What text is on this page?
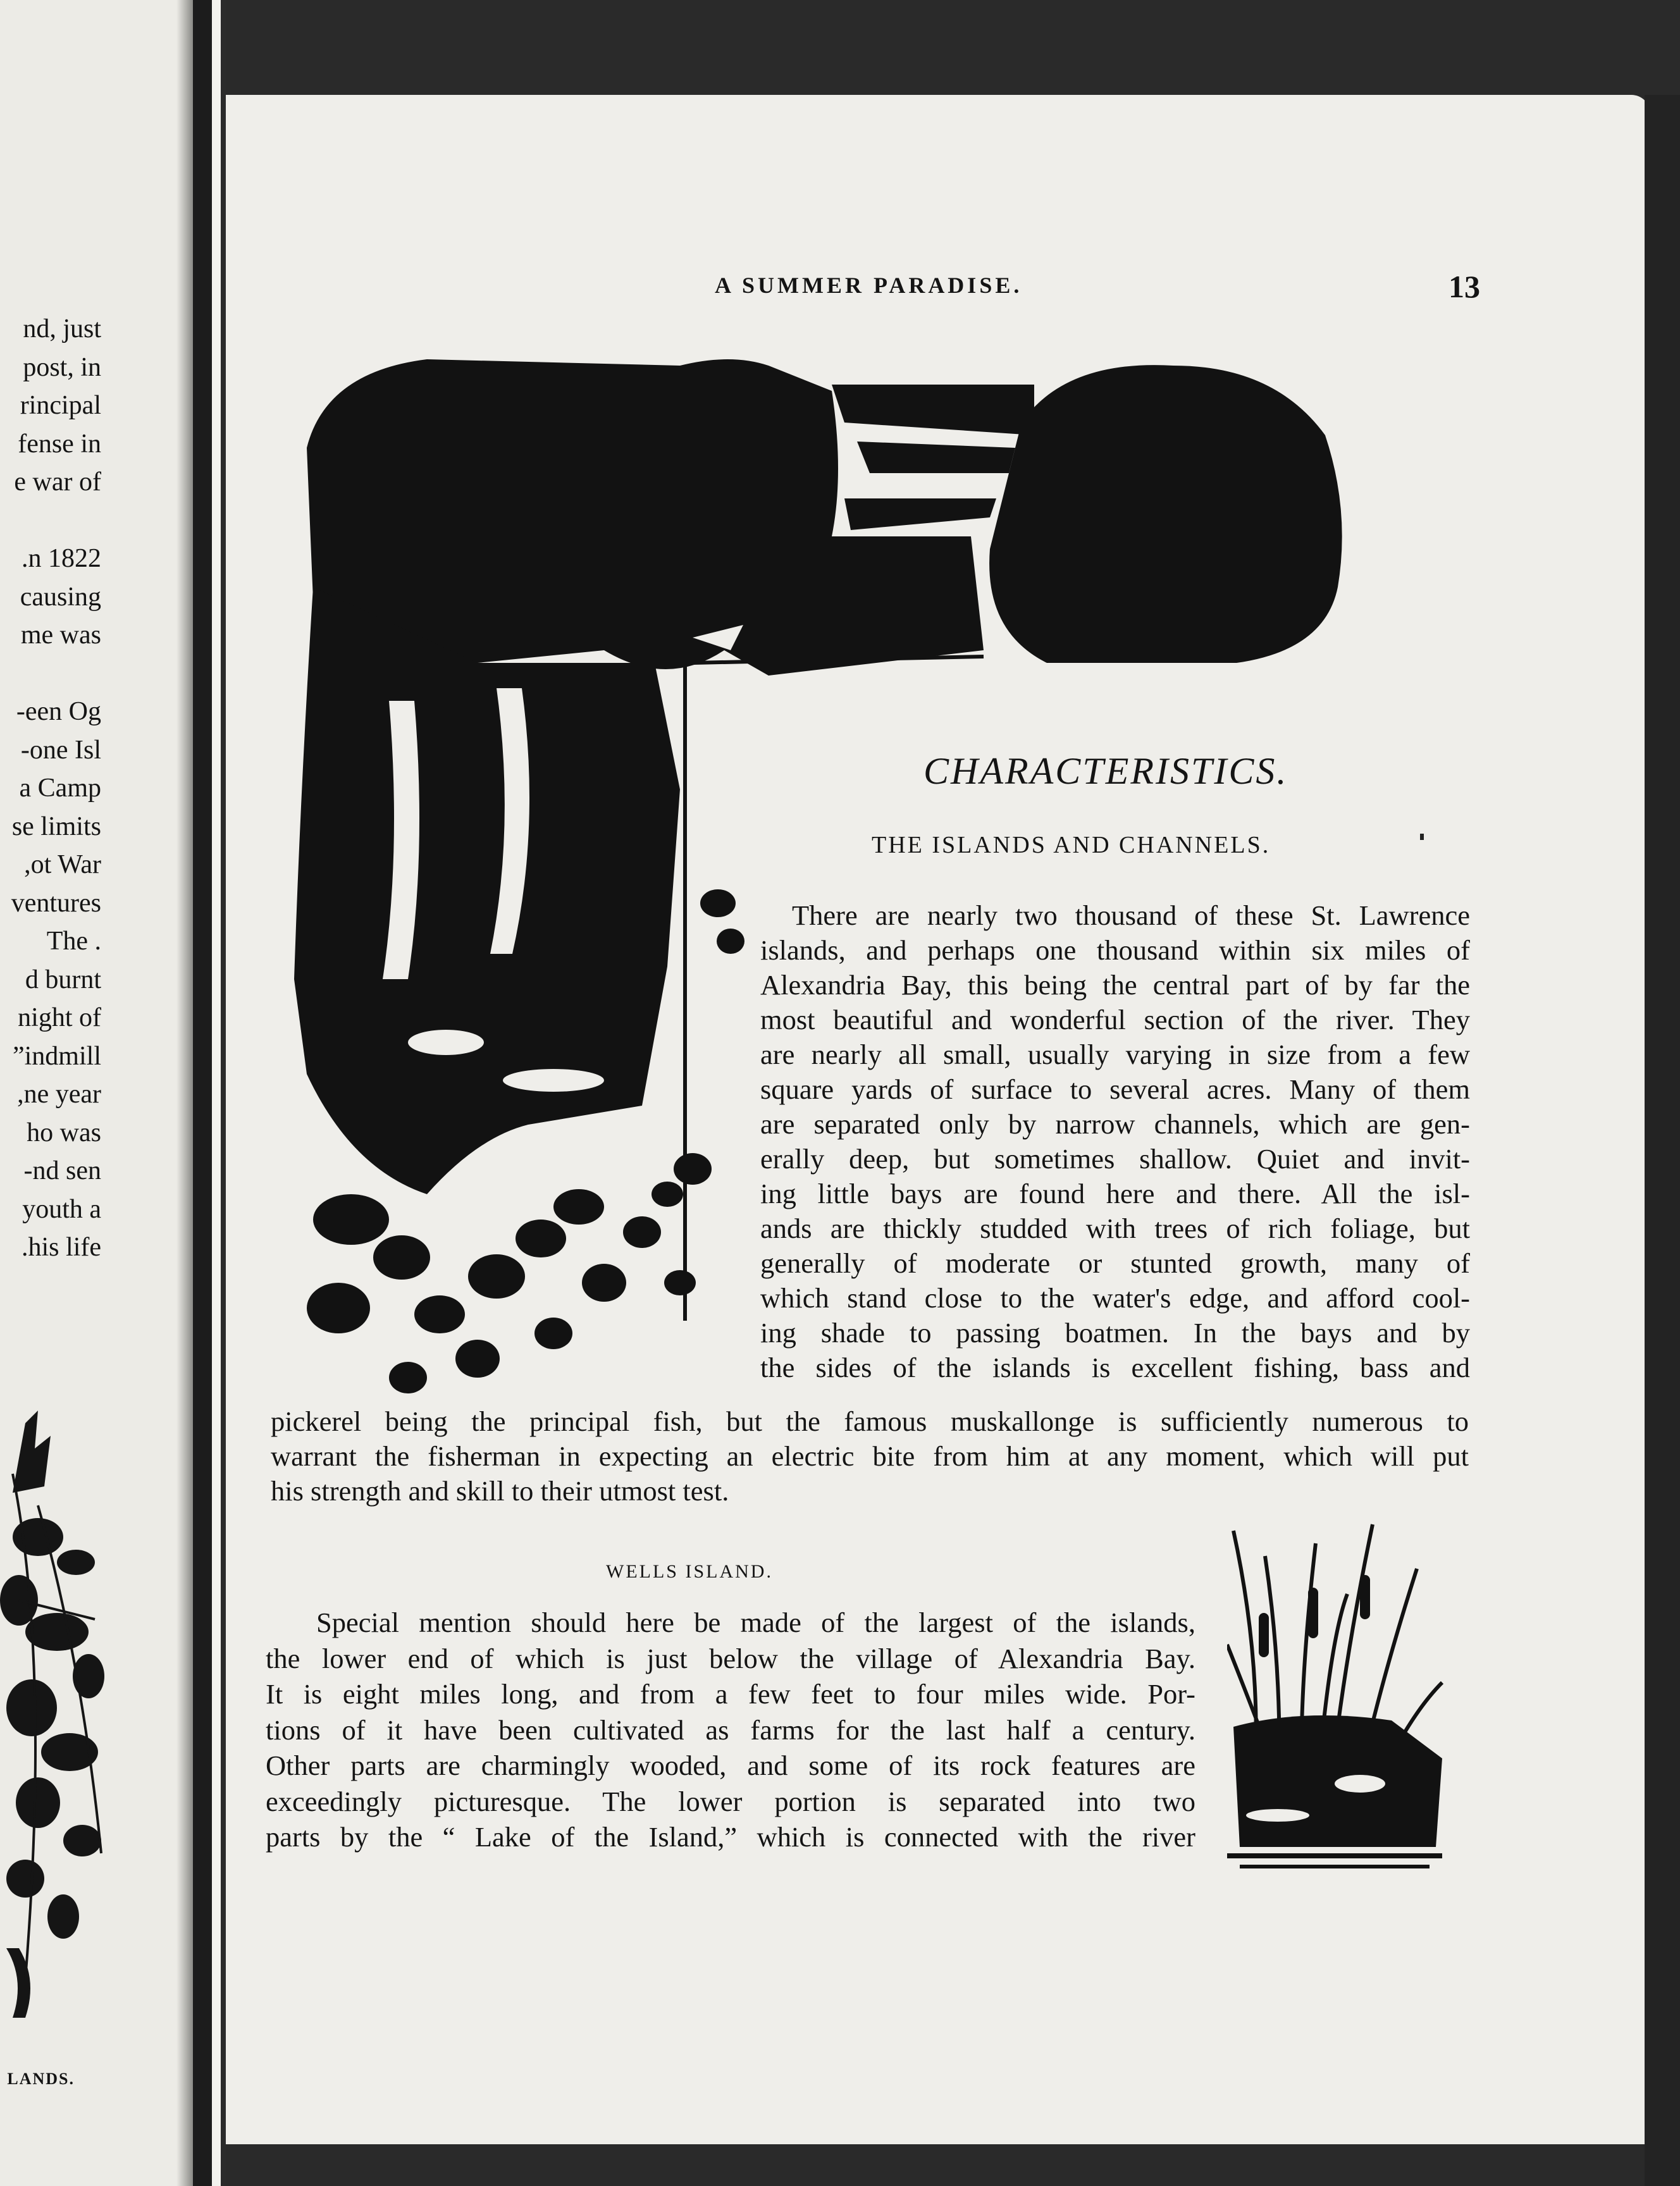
nd, just
post, in
rincipal
fense in
e war of

n 1822.
causing
me was

een Og-
one Isl-
a Camp
se limits
ot War,
ventures
. The
d burnt
night of
indmill”
ne year,
ho was
nd sen-
youth a
his life.
LANDS.
A SUMMER PARADISE.	13
CHARACTERISTICS.
THE ISLANDS AND CHANNELS.
There are nearly two thousand of these St. Lawrence
islands, and perhaps one thousand within six miles of
Alexandria Bay, this being the central part of by far the
most beautiful and wonderful section of the river. They
are nearly all small, usually varying in size from a few
square yards of surface to several acres. Many of them
are separated only by narrow channels, which are gen-
erally deep, but sometimes shallow. Quiet and invit-
ing little bays are found here and there. All the isl-
ands are thickly studded with trees of rich foliage, but
generally of moderate or stunted growth, many of
which stand close to the water's edge, and afford cool-
ing shade to passing boatmen. In the bays and by
the sides of the islands is excellent fishing, bass and
pickerel being the principal fish, but the famous muskallonge is sufficiently numerous to
warrant the fisherman in expecting an electric bite from him at any moment, which will put
his strength and skill to their utmost test.
WELLS ISLAND.
Special mention should here be made of the largest of the islands,
the lower end of which is just below the village of Alexandria Bay.
It is eight miles long, and from a few feet to four miles wide. Por-
tions of it have been cultivated as farms for the last half a century.
Other parts are charmingly wooded, and some of its rock features are
exceedingly picturesque. The lower portion is separated into two
parts by the “ Lake of the Island,” which is connected with the river
